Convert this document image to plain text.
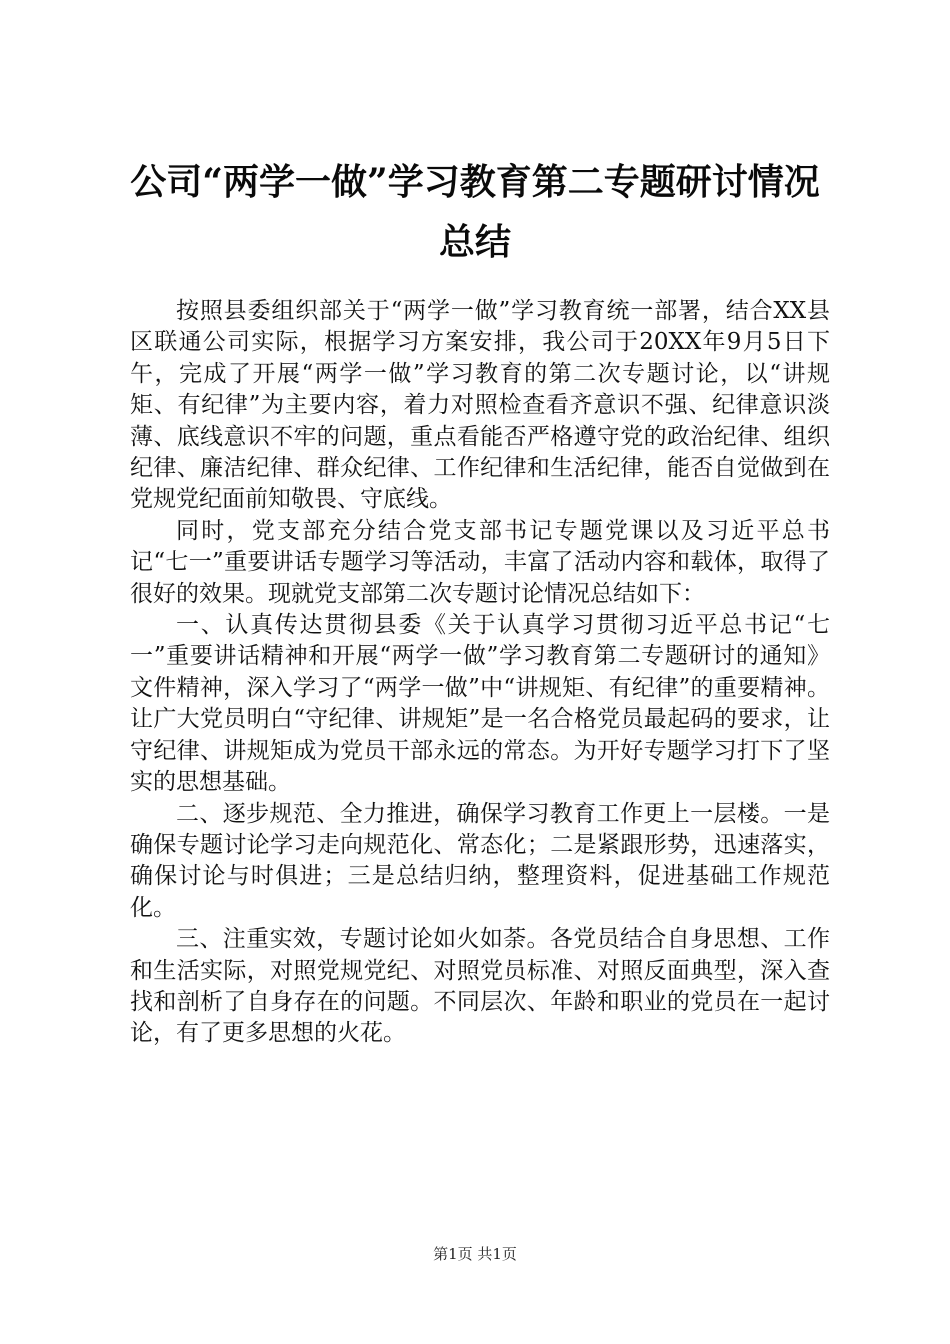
公司“两学一做”学习教育第二专题研讨情况
总结

按照县委组织部关于“两学一做”学习教育统一部署，结合XX县区联通公司实际，根据学习方案安排，我公司于20XX年9月5日下午，完成了开展“两学一做”学习教育的第二次专题讨论，以“讲规矩、有纪律”为主要内容，着力对照检查看齐意识不强、纪律意识淡薄、底线意识不牢的问题，重点看能否严格遵守党的政治纪律、组织纪律、廉洁纪律、群众纪律、工作纪律和生活纪律，能否自觉做到在党规党纪面前知敬畏、守底线。

同时，党支部充分结合党支部书记专题党课以及习近平总书记“七一”重要讲话专题学习等活动，丰富了活动内容和载体，取得了很好的效果。现就党支部第二次专题讨论情况总结如下：

一、认真传达贯彻县委《关于认真学习贯彻习近平总书记“七一”重要讲话精神和开展“两学一做”学习教育第二专题研讨的通知》文件精神，深入学习了“两学一做”中“讲规矩、有纪律”的重要精神。让广大党员明白“守纪律、讲规矩”是一名合格党员最起码的要求，让守纪律、讲规矩成为党员干部永远的常态。为开好专题学习打下了坚实的思想基础。

二、逐步规范、全力推进，确保学习教育工作更上一层楼。一是确保专题讨论学习走向规范化、常态化；二是紧跟形势，迅速落实，确保讨论与时俱进；三是总结归纳，整理资料，促进基础工作规范化。

三、注重实效，专题讨论如火如荼。各党员结合自身思想、工作和生活实际，对照党规党纪、对照党员标准、对照反面典型，深入查找和剖析了自身存在的问题。不同层次、年龄和职业的党员在一起讨论，有了更多思想的火花。

第1页 共1页
